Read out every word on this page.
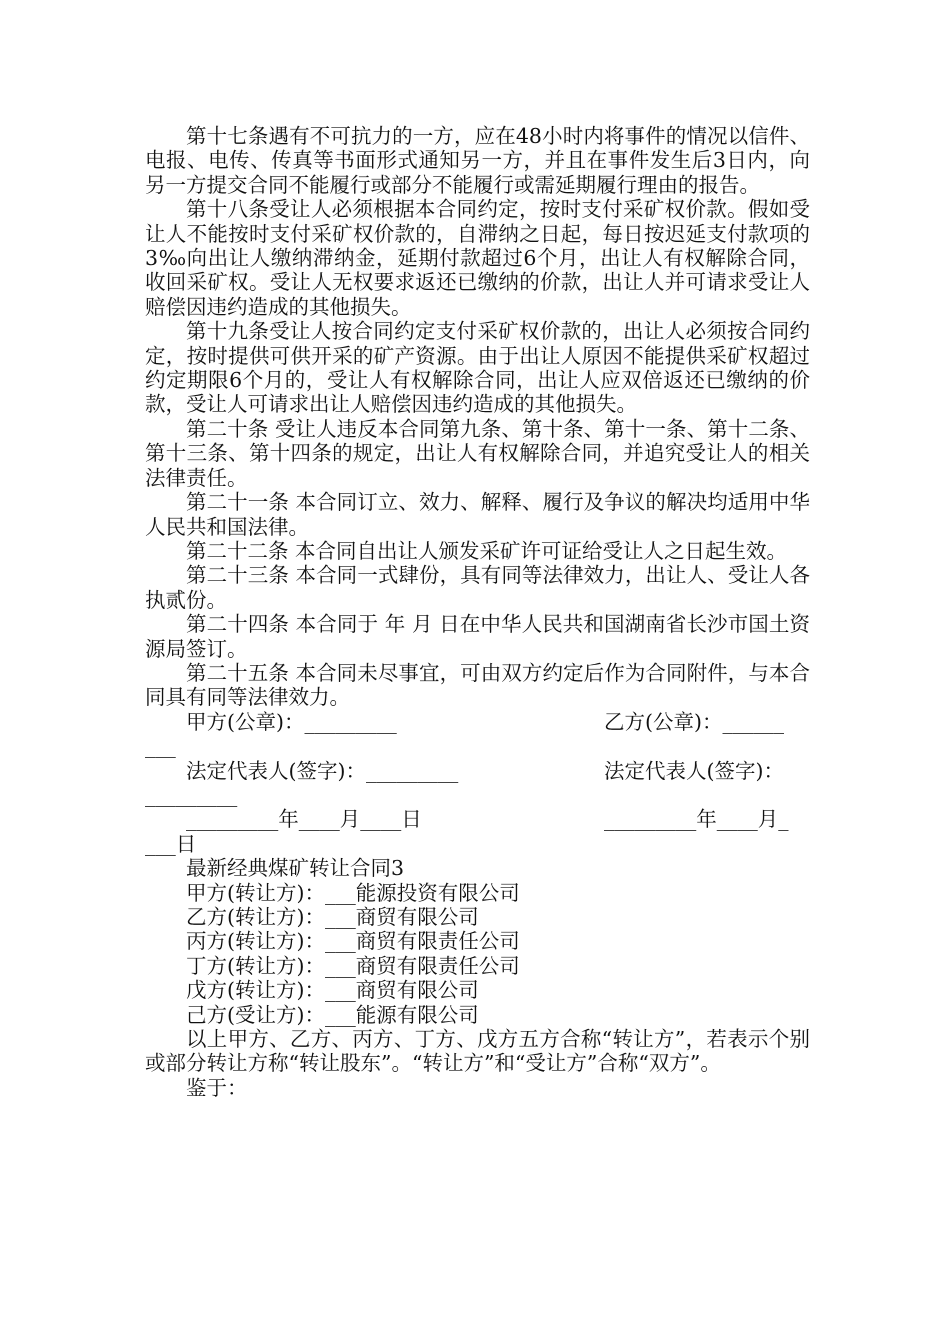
第十七条遇有不可抗力的一方，应在48小时内将事件的情况以信件、电报、电传、传真等书面形式通知另一方，并且在事件发生后3日内，向另一方提交合同不能履行或部分不能履行或需延期履行理由的报告。

第十八条受让人必须根据本合同约定，按时支付采矿权价款。假如受让人不能按时支付采矿权价款的，自滞纳之日起，每日按迟延支付款项的3‰向出让人缴纳滞纳金，延期付款超过6个月，出让人有权解除合同，收回采矿权。受让人无权要求返还已缴纳的价款，出让人并可请求受让人赔偿因违约造成的其他损失。

第十九条受让人按合同约定支付采矿权价款的，出让人必须按合同约定，按时提供可供开采的矿产资源。由于出让人原因不能提供采矿权超过约定期限6个月的，受让人有权解除合同，出让人应双倍返还已缴纳的价款，受让人可请求出让人赔偿因违约造成的其他损失。

第二十条 受让人违反本合同第九条、第十条、第十一条、第十二条、第十三条、第十四条的规定，出让人有权解除合同，并追究受让人的相关法律责任。

第二十一条 本合同订立、效力、解释、履行及争议的解决均适用中华人民共和国法律。

第二十二条 本合同自出让人颁发采矿许可证给受让人之日起生效。

第二十三条 本合同一式肆份，具有同等法律效力，出让人、受让人各执贰份。

第二十四条 本合同于 年 月 日在中华人民共和国湖南省长沙市国土资源局签订。

第二十五条 本合同未尽事宜，可由双方约定后作为合同附件，与本合同具有同等法律效力。

甲方(公章)：_________	乙方(公章)：______

___

法定代表人(签字)：_________	法定代表人(签字)：

_________

_________年____月____日	_________年____月_

___日

最新经典煤矿转让合同3

甲方(转让方)：___能源投资有限公司

乙方(转让方)：___商贸有限公司

丙方(转让方)：___商贸有限责任公司

丁方(转让方)：___商贸有限责任公司

戊方(转让方)：___商贸有限公司

己方(受让方)：___能源有限公司

以上甲方、乙方、丙方、丁方、戊方五方合称“转让方”，若表示个别或部分转让方称“转让股东”。“转让方”和“受让方”合称“双方”。

鉴于：
